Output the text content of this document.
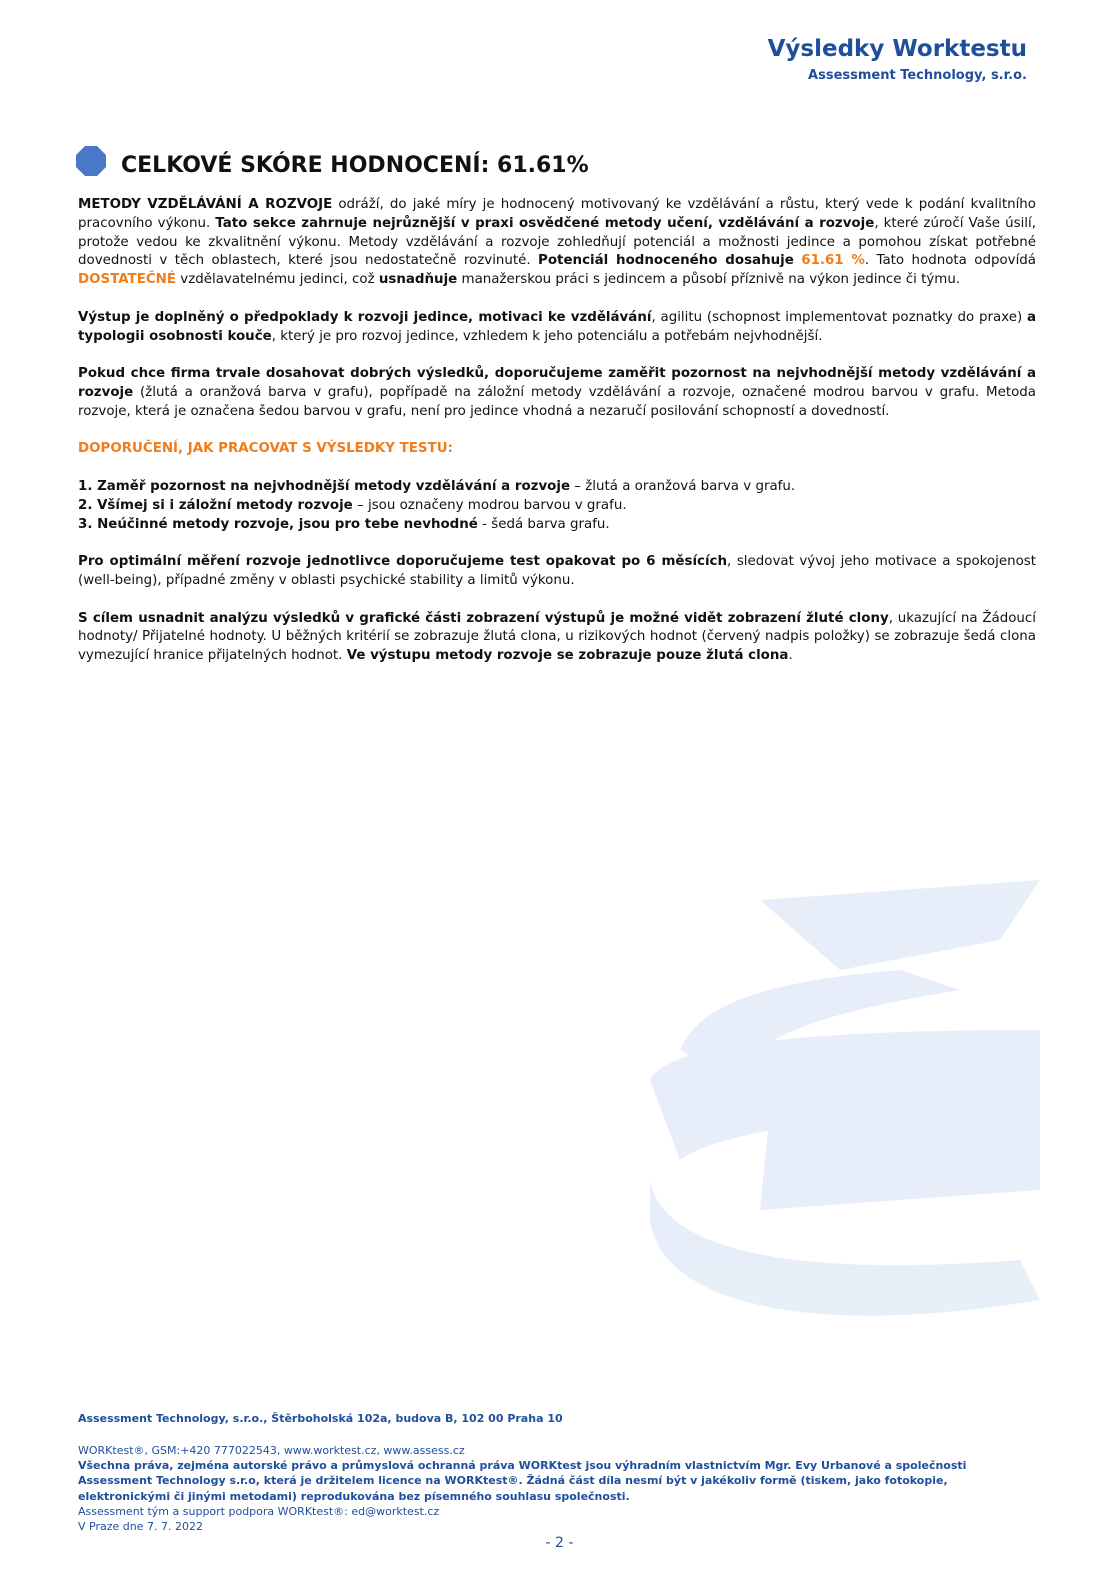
Výsledky Worktestu
Assessment Technology, s.r.o.
CELKOVÉ SKÓRE HODNOCENÍ: 61.61%

METODY VZDĚLÁVÁNÍ A ROZVOJE odráží, do jaké míry je hodnocený motivovaný ke vzdělávání a růstu, který vede k podání kvalitního pracovního výkonu. Tato sekce zahrnuje nejrůznější v praxi osvědčené metody učení, vzdělávání a rozvoje, které zúročí Vaše úsilí, protože vedou ke zkvalitnění výkonu. Metody vzdělávání a rozvoje zohledňují potenciál a možnosti jedince a pomohou získat potřebné dovednosti v těch oblastech, které jsou nedostatečně rozvinuté. Potenciál hodnoceného dosahuje 61.61 %. Tato hodnota odpovídá DOSTATEČNÉ vzdělavatelnému jedinci, což usnadňuje manažerskou práci s jedincem a působí příznivě na výkon jedince či týmu.

Výstup je doplněný o předpoklady k rozvoji jedince, motivaci ke vzdělávání, agilitu (schopnost implementovat poznatky do praxe) a typologii osobnosti kouče, který je pro rozvoj jedince, vzhledem k jeho potenciálu a potřebám nejvhodnější.

Pokud chce firma trvale dosahovat dobrých výsledků, doporučujeme zaměřit pozornost na nejvhodnější metody vzdělávání a rozvoje (žlutá a oranžová barva v grafu), popřípadě na záložní metody vzdělávání a rozvoje, označené modrou barvou v grafu. Metoda rozvoje, která je označena šedou barvou v grafu, není pro jedince vhodná a nezaručí posilování schopností a dovedností.

DOPORUČENÍ, JAK PRACOVAT S VÝSLEDKY TESTU:
1. Zaměř pozornost na nejvhodnější metody vzdělávání a rozvoje – žlutá a oranžová barva v grafu.
2. Všímej si i záložní metody rozvoje – jsou označeny modrou barvou v grafu.
3. Neúčinné metody rozvoje, jsou pro tebe nevhodné - šedá barva grafu.

Pro optimální měření rozvoje jednotlivce doporučujeme test opakovat po 6 měsících, sledovat vývoj jeho motivace a spokojenost (well-being), případné změny v oblasti psychické stability a limitů výkonu.

S cílem usnadnit analýzu výsledků v grafické části zobrazení výstupů je možné vidět zobrazení žluté clony, ukazující na Žádoucí hodnoty/ Přijatelné hodnoty. U běžných kritérií se zobrazuje žlutá clona, u rizikových hodnot (červený nadpis položky) se zobrazuje šedá clona vymezující hranice přijatelných hodnot. Ve výstupu metody rozvoje se zobrazuje pouze žlutá clona.

Assessment Technology, s.r.o., Štěrboholská 102a, budova B, 102 00 Praha 10
WORKtest®, GSM:+420 777022543, www.worktest.cz, www.assess.cz
Všechna práva, zejména autorské právo a průmyslová ochranná práva WORKtest jsou výhradním vlastnictvím Mgr. Evy Urbanové a společnosti Assessment Technology s.r.o, která je držitelem licence na WORKtest®. Žádná část díla nesmí být v jakékoliv formě (tiskem, jako fotokopie, elektronickými či jinými metodami) reprodukována bez písemného souhlasu společnosti.
Assessment tým a support podpora WORKtest®: ed@worktest.cz
V Praze dne 7. 7. 2022
- 2 -
